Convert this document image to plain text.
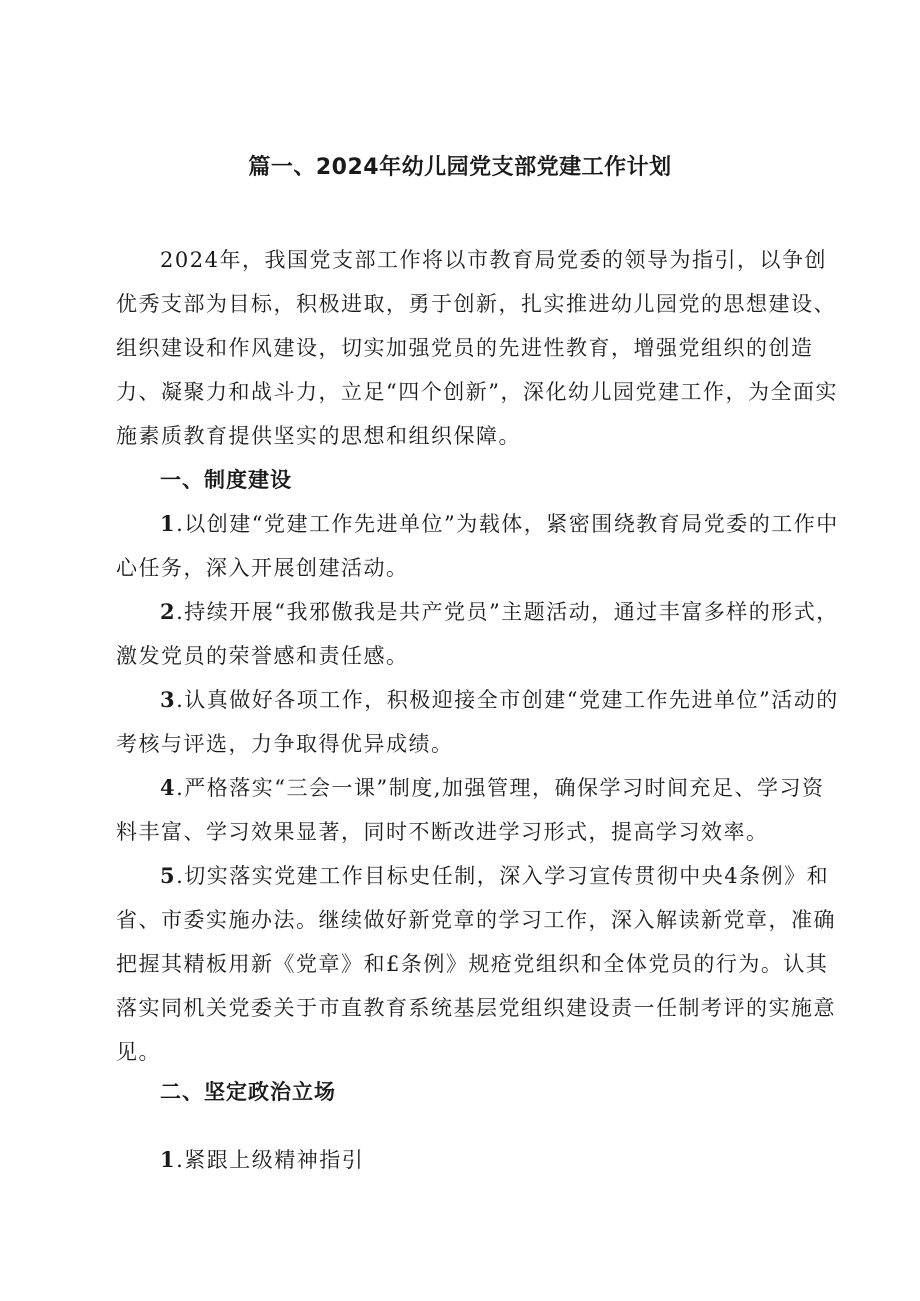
篇一、2024年幼儿园党支部党建工作计划

2024年，我国党支部工作将以市教育局党委的领导为指引，以争创优秀支部为目标，积极进取，勇于创新，扎实推进幼儿园党的思想建设、组织建设和作风建设，切实加强党员的先进性教育，增强党组织的创造力、凝聚力和战斗力，立足“四个创新”，深化幼儿园党建工作，为全面实施素质教育提供坚实的思想和组织保障。

一、制度建设

1.以创建“党建工作先进单位”为载体，紧密围绕教育局党委的工作中心任务，深入开展创建活动。

2.持续开展“我邪傲我是共产党员”主题活动，通过丰富多样的形式，激发党员的荣誉感和责任感。

3.认真做好各项工作，积极迎接全市创建“党建工作先进单位”活动的考核与评选，力争取得优异成绩。

4.严格落实“三会一课”制度,加强管理，确保学习时间充足、学习资料丰富、学习效果显著，同时不断改进学习形式，提高学习效率。

5.切实落实党建工作目标史任制，深入学习宣传贯彻中央4条例》和省、市委实施办法。继续做好新党章的学习工作，深入解读新党章，准确把握其精板用新《党章》和£条例》规疮党组织和全体党员的行为。认其落实同机关党委关于市直教育系统基层党组织建设责一任制考评的实施意见。

二、坚定政治立场

1.紧跟上级精神指引
